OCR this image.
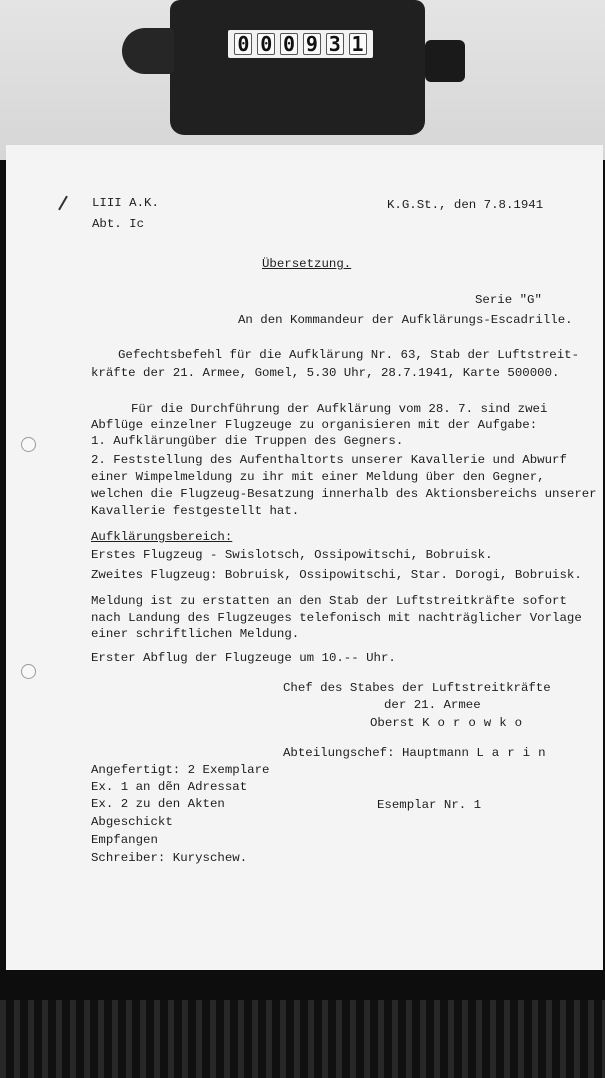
0 0 0 9 3 1
LIII A.K.
Abt. Ic
K.G.St., den 7.8.1941
Übersetzung.
Serie "G"
An den Kommandeur der Aufklärungs-Escadrille.
Gefechtsbefehl für die Aufklärung Nr. 63, Stab der Luftstreit-
kräfte der 21. Armee, Gomel, 5.30 Uhr, 28.7.1941, Karte 500000.
Für die Durchführung der Aufklärung vom 28. 7. sind zwei
Abflüge einzelner Flugzeuge zu organisieren mit der Aufgabe:
1. Aufklärungüber die Truppen des Gegners.
2. Feststellung des Aufenthaltorts unserer Kavallerie und Abwurf
einer Wimpelmeldung zu ihr mit einer Meldung über den Gegner,
welchen die Flugzeug-Besatzung innerhalb des Aktionsbereichs unserer
Kavallerie festgestellt hat.
Aufklärungsbereich:
Erstes Flugzeug - Swislotsch, Ossipowitschi, Bobruisk.
Zweites Flugzeug: Bobruisk, Ossipowitschi, Star. Dorogi, Bobruisk.
Meldung ist zu erstatten an den Stab der Luftstreitkräfte sofort
nach Landung des Flugzeuges telefonisch mit nachträglicher Vorlage
einer schriftlichen Meldung.
Erster Abflug der Flugzeuge um 10.-- Uhr.
Chef des Stabes der Luftstreitkräfte
der 21. Armee
Oberst Korowko
Abteilungschef: Hauptmann Larin
Angefertigt: 2 Exemplare
Ex. 1 an dẽn Adressat
Ex. 2 zu den Akten	Esemplar Nr. 1
Abgeschickt
Empfangen
Schreiber: Kuryschew.
